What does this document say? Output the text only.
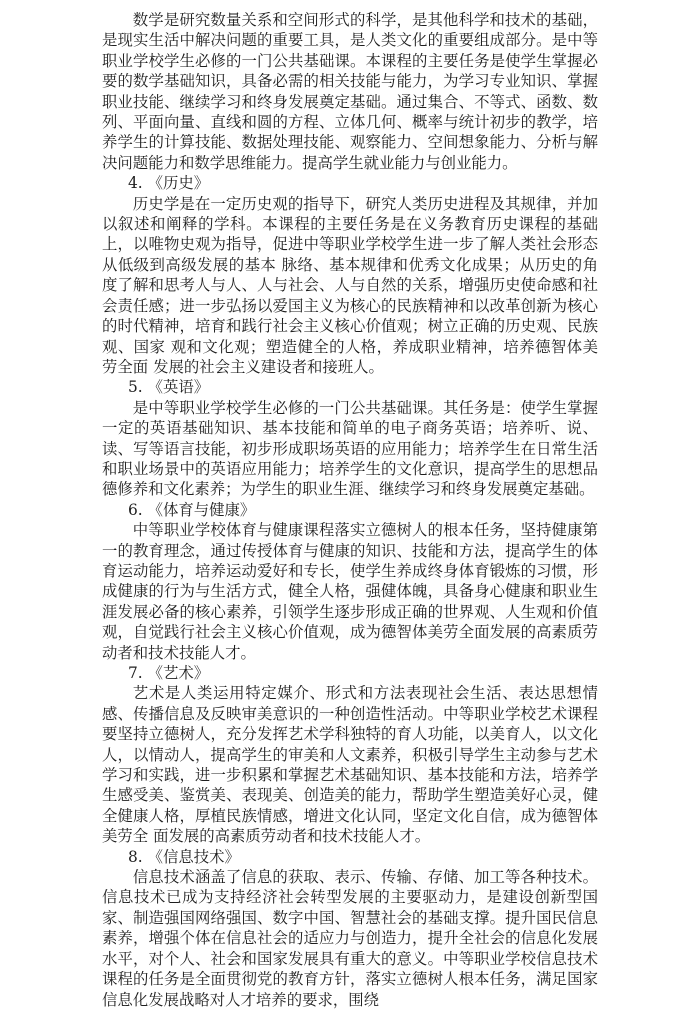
数学是研究数量关系和空间形式的科学，是其他科学和技术的基础，是现实生活中解决问题的重要工具，是人类文化的重要组成部分。是中等职业学校学生必修的一门公共基础课。本课程的主要任务是使学生掌握必要的数学基础知识，具备必需的相关技能与能力，为学习专业知识、掌握职业技能、继续学习和终身发展奠定基础。通过集合、不等式、函数、数列、平面向量、直线和圆的方程、立体几何、概率与统计初步的教学，培养学生的计算技能、数据处理技能、观察能力、空间想象能力、分析与解决问题能力和数学思维能力。提高学生就业能力与创业能力。

4. 《历史》

历史学是在一定历史观的指导下，研究人类历史进程及其规律，并加以叙述和阐释的学科。本课程的主要任务是在义务教育历史课程的基础上，以唯物史观为指导，促进中等职业学校学生进一步了解人类社会形态从低级到高级发展的基本 脉络、基本规律和优秀文化成果；从历史的角度了解和思考人与人、人与社会、人与自然的关系，增强历史使命感和社会责任感；进一步弘扬以爱国主义为核心的民族精神和以改革创新为核心的时代精神，培育和践行社会主义核心价值观；树立正确的历史观、民族观、国家 观和文化观；塑造健全的人格，养成职业精神，培养德智体美劳全面 发展的社会主义建设者和接班人。

5. 《英语》

是中等职业学校学生必修的一门公共基础课。其任务是：使学生掌握一定的英语基础知识、基本技能和简单的电子商务英语；培养听、说、读、写等语言技能，初步形成职场英语的应用能力；培养学生在日常生活和职业场景中的英语应用能力；培养学生的文化意识，提高学生的思想品德修养和文化素养；为学生的职业生涯、继续学习和终身发展奠定基础。

6. 《体育与健康》

中等职业学校体育与健康课程落实立德树人的根本任务，坚持健康第一的教育理念，通过传授体育与健康的知识、技能和方法，提高学生的体育运动能力，培养运动爱好和专长，使学生养成终身体育锻炼的习惯，形成健康的行为与生活方式，健全人格，强健体魄，具备身心健康和职业生涯发展必备的核心素养，引领学生逐步形成正确的世界观、人生观和价值观，自觉践行社会主义核心价值观，成为德智体美劳全面发展的高素质劳动者和技术技能人才。

7. 《艺术》

艺术是人类运用特定媒介、形式和方法表现社会生活、表达思想情感、传播信息及反映审美意识的一种创造性活动。中等职业学校艺术课程要坚持立德树人，充分发挥艺术学科独特的育人功能，以美育人，以文化人，以情动人，提高学生的审美和人文素养，积极引导学生主动参与艺术学习和实践，进一步积累和掌握艺术基础知识、基本技能和方法，培养学生感受美、鉴赏美、表现美、创造美的能力，帮助学生塑造美好心灵，健全健康人格，厚植民族情感，增进文化认同，坚定文化自信，成为德智体美劳全 面发展的高素质劳动者和技术技能人才。

8. 《信息技术》

信息技术涵盖了信息的获取、表示、传输、存储、加工等各种技术。信息技术已成为支持经济社会转型发展的主要驱动力，是建设创新型国家、制造强国网络强国、数字中国、智慧社会的基础支撑。提升国民信息素养，增强个体在信息社会的适应力与创造力，提升全社会的信息化发展水平，对个人、社会和国家发展具有重大的意义。中等职业学校信息技术课程的任务是全面贯彻党的教育方针，落实立德树人根本任务，满足国家信息化发展战略对人才培养的要求，围绕
